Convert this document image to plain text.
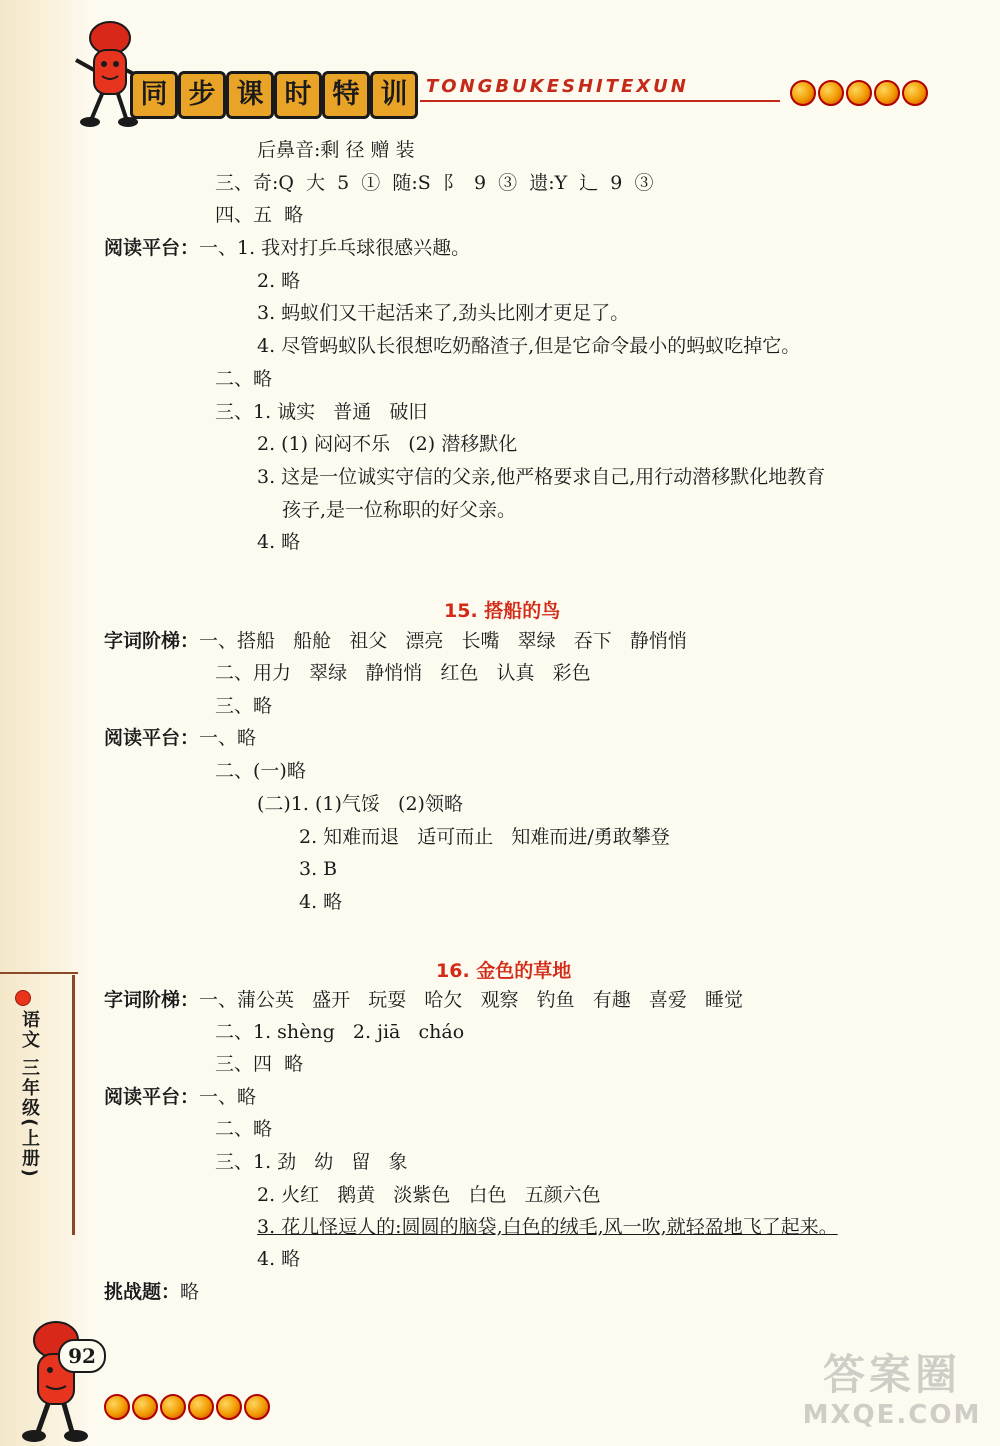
同 步 课 时 特 训	TONGBUKESHITEXUN
后鼻音:剩 径 赠 装
三、奇:Q  大  5  ①  随:S  阝  9  ③  遗:Y  辶  9  ③
四、五  略
阅读平台：一、1. 我对打乒乓球很感兴趣。
2. 略
3. 蚂蚁们又干起活来了,劲头比刚才更足了。
4. 尽管蚂蚁队长很想吃奶酪渣子,但是它命令最小的蚂蚁吃掉它。
二、略
三、1. 诚实   普通   破旧
2. (1) 闷闷不乐   (2) 潜移默化
3. 这是一位诚实守信的父亲,他严格要求自己,用行动潜移默化地教育
孩子,是一位称职的好父亲。
4. 略
15. 搭船的鸟
字词阶梯：一、搭船   船舱   祖父   漂亮   长嘴   翠绿   吞下   静悄悄
二、用力   翠绿   静悄悄   红色   认真   彩色
三、略
阅读平台：一、略
二、(一)略
(二)1. (1)气馁   (2)领略
2. 知难而退   适可而止   知难而进/勇敢攀登
3. B
4. 略
16. 金色的草地
字词阶梯：一、蒲公英   盛开   玩耍   哈欠   观察   钓鱼   有趣   喜爱   睡觉
二、1. shèng   2. jiā   cháo
三、四  略
阅读平台：一、略
二、略
三、1. 劲   幼   留   象
2. 火红   鹅黄   淡紫色   白色   五颜六色
3. 花儿怪逗人的:圆圆的脑袋,白色的绒毛,风一吹,就轻盈地飞了起来。
4. 略
挑战题：略
语文 三年级(上册)
92	答案圈
MXQE.COM
